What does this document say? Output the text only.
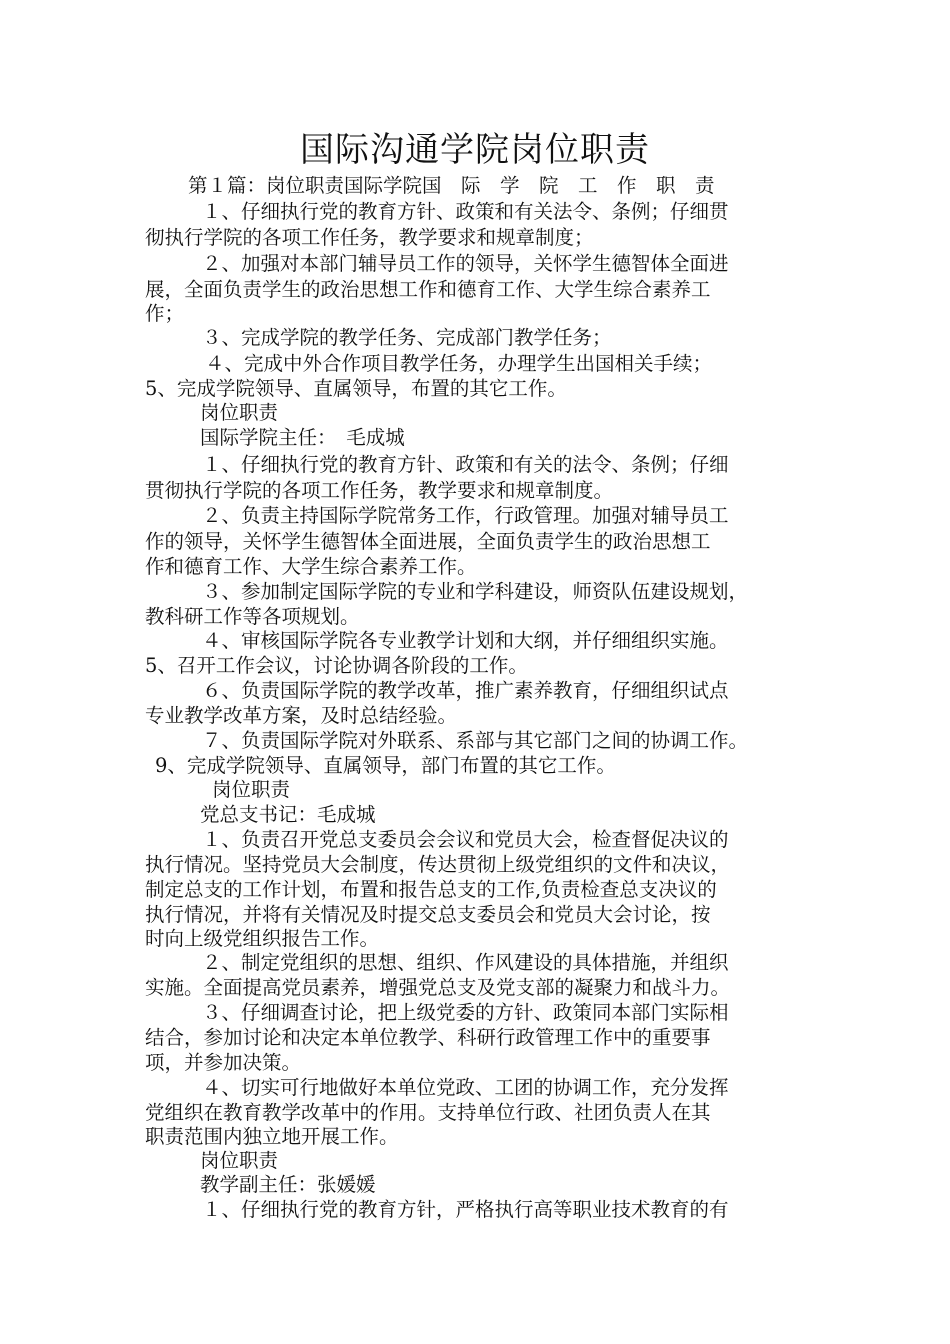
国际沟通学院岗位职责
第１篇：岗位职责国际学院国　际　学　院　工　作　职　责
１、仔细执行党的教育方针、政策和有关法令、条例；仔细贯
彻执行学院的各项工作任务，教学要求和规章制度；
２、加强对本部门辅导员工作的领导，关怀学生德智体全面进
展，全面负责学生的政治思想工作和德育工作、大学生综合素养工
作；
３、完成学院的教学任务、完成部门教学任务；
４、完成中外合作项目教学任务，办理学生出国相关手续；
5、完成学院领导、直属领导，布置的其它工作。
岗位职责
国际学院主任：　毛成城
１、仔细执行党的教育方针、政策和有关的法令、条例；仔细
贯彻执行学院的各项工作任务，教学要求和规章制度。
２、负责主持国际学院常务工作，行政管理。加强对辅导员工
作的领导，关怀学生德智体全面进展，全面负责学生的政治思想工
作和德育工作、大学生综合素养工作。
３、参加制定国际学院的专业和学科建设，师资队伍建设规划，
教科研工作等各项规划。
４、审核国际学院各专业教学计划和大纲，并仔细组织实施。
5、召开工作会议，讨论协调各阶段的工作。
６、负责国际学院的教学改革，推广素养教育，仔细组织试点
专业教学改革方案，及时总结经验。
７、负责国际学院对外联系、系部与其它部门之间的协调工作。
9、完成学院领导、直属领导，部门布置的其它工作。
岗位职责
党总支书记：毛成城
１、负责召开党总支委员会会议和党员大会，检查督促决议的
执行情况。坚持党员大会制度，传达贯彻上级党组织的文件和决议，
制定总支的工作计划，布置和报告总支的工作,负责检查总支决议的
执行情况，并将有关情况及时提交总支委员会和党员大会讨论，按
时向上级党组织报告工作。
２、制定党组织的思想、组织、作风建设的具体措施，并组织
实施。全面提高党员素养，增强党总支及党支部的凝聚力和战斗力。
３、仔细调查讨论，把上级党委的方针、政策同本部门实际相
结合，参加讨论和决定本单位教学、科研行政管理工作中的重要事
项，并参加决策。
４、切实可行地做好本单位党政、工团的协调工作，充分发挥
党组织在教育教学改革中的作用。支持单位行政、社团负责人在其
职责范围内独立地开展工作。
岗位职责
教学副主任：张媛媛
１、仔细执行党的教育方针，严格执行高等职业技术教育的有
